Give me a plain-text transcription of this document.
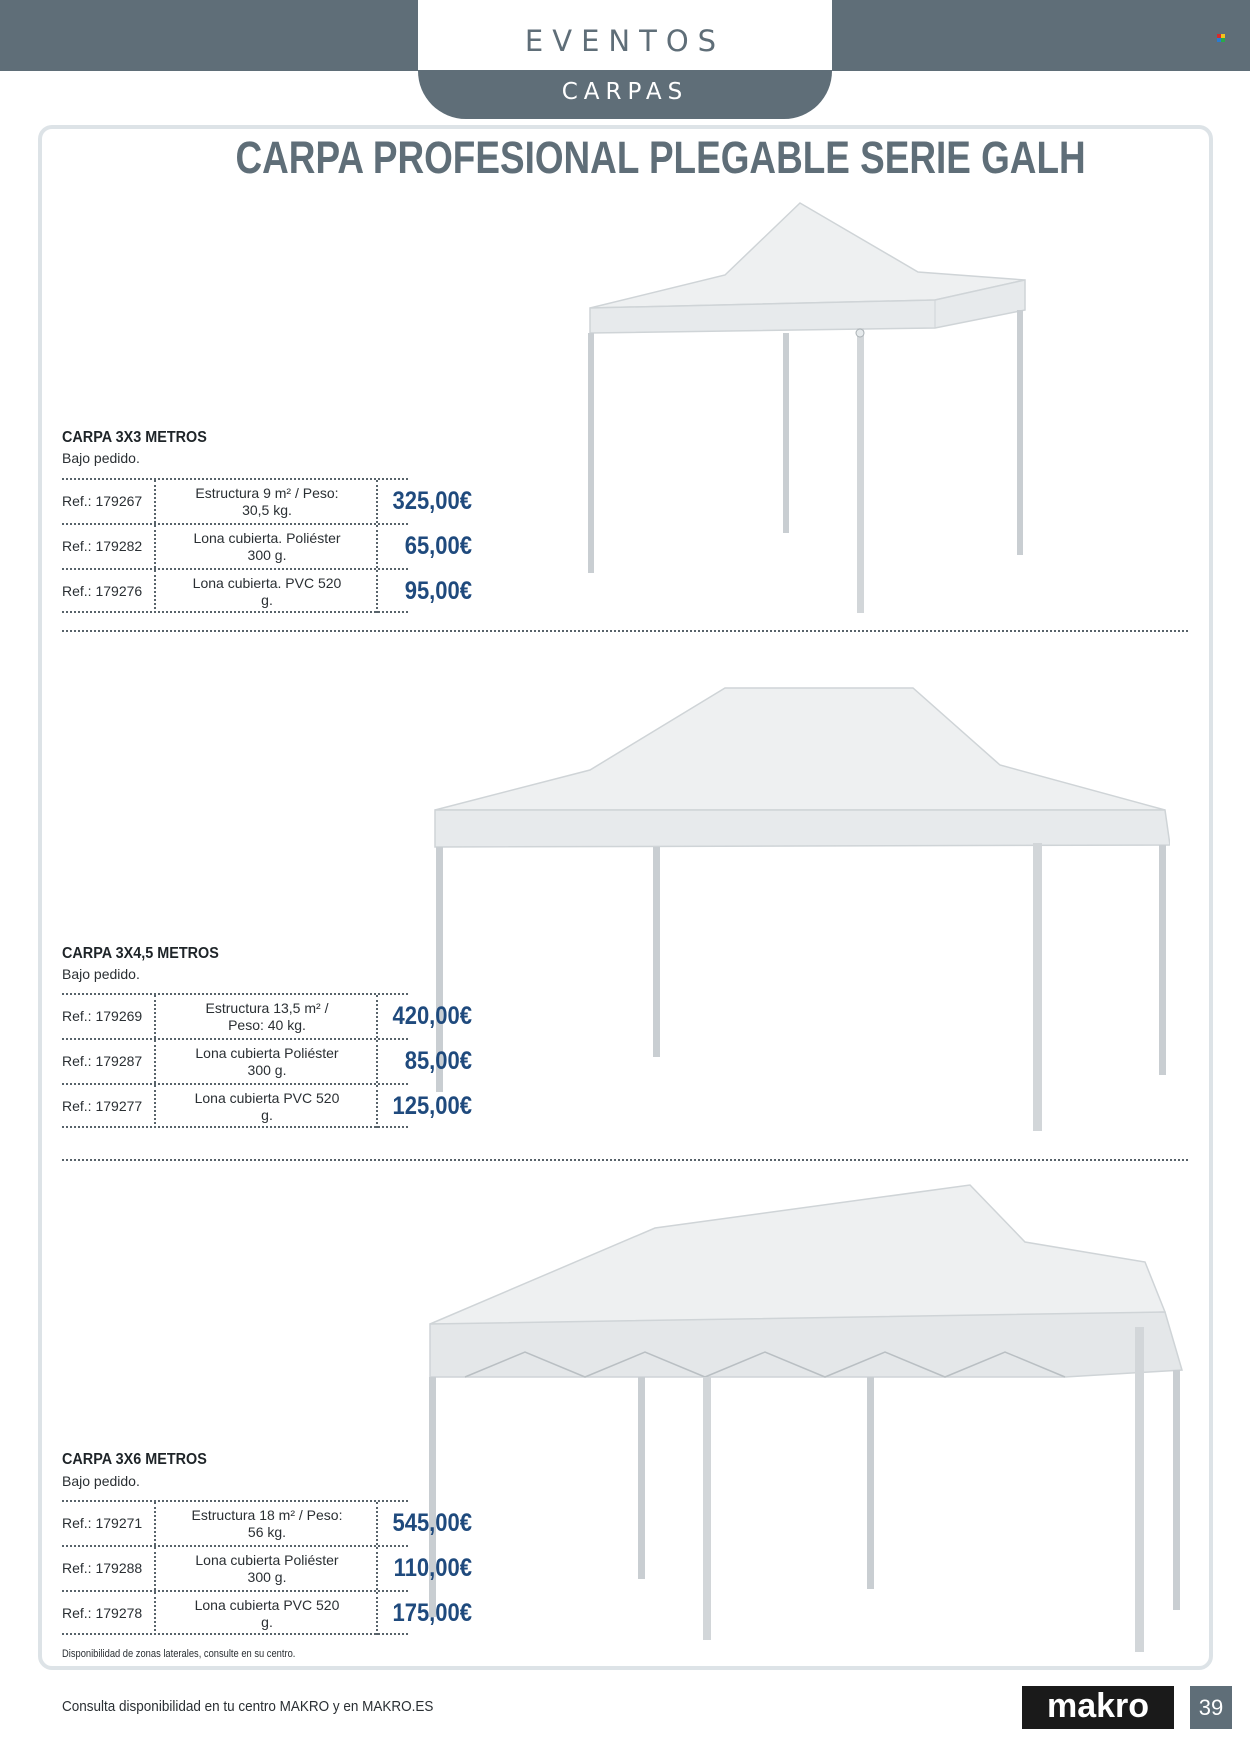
EVENTOS
CARPAS
CARPA PROFESIONAL PLEGABLE SERIE GALH
CARPA 3X3 METROS
Bajo pedido.
Ref.: 179267
Estructura 9 m² / Peso: 30,5 kg.	325,00€
Ref.: 179282
Lona cubierta. Poliéster 300 g.	65,00€
Ref.: 179276
Lona cubierta. PVC 520 g.	95,00€
CARPA 3X4,5 METROS
Bajo pedido.
Ref.: 179269
Estructura 13,5 m² / Peso: 40 kg.	420,00€
Ref.: 179287
Lona cubierta Poliéster 300 g.	85,00€
Ref.: 179277
Lona cubierta PVC 520 g.	125,00€
CARPA 3X6 METROS
Bajo pedido.
Ref.: 179271
Estructura 18 m² / Peso: 56 kg.	545,00€
Ref.: 179288
Lona cubierta Poliéster 300 g.	110,00€
Ref.: 179278
Lona cubierta PVC 520 g.	175,00€
Disponibilidad de zonas laterales, consulte en su centro.
Consulta disponibilidad en tu centro MAKRO y en MAKRO.ES	makro	39
